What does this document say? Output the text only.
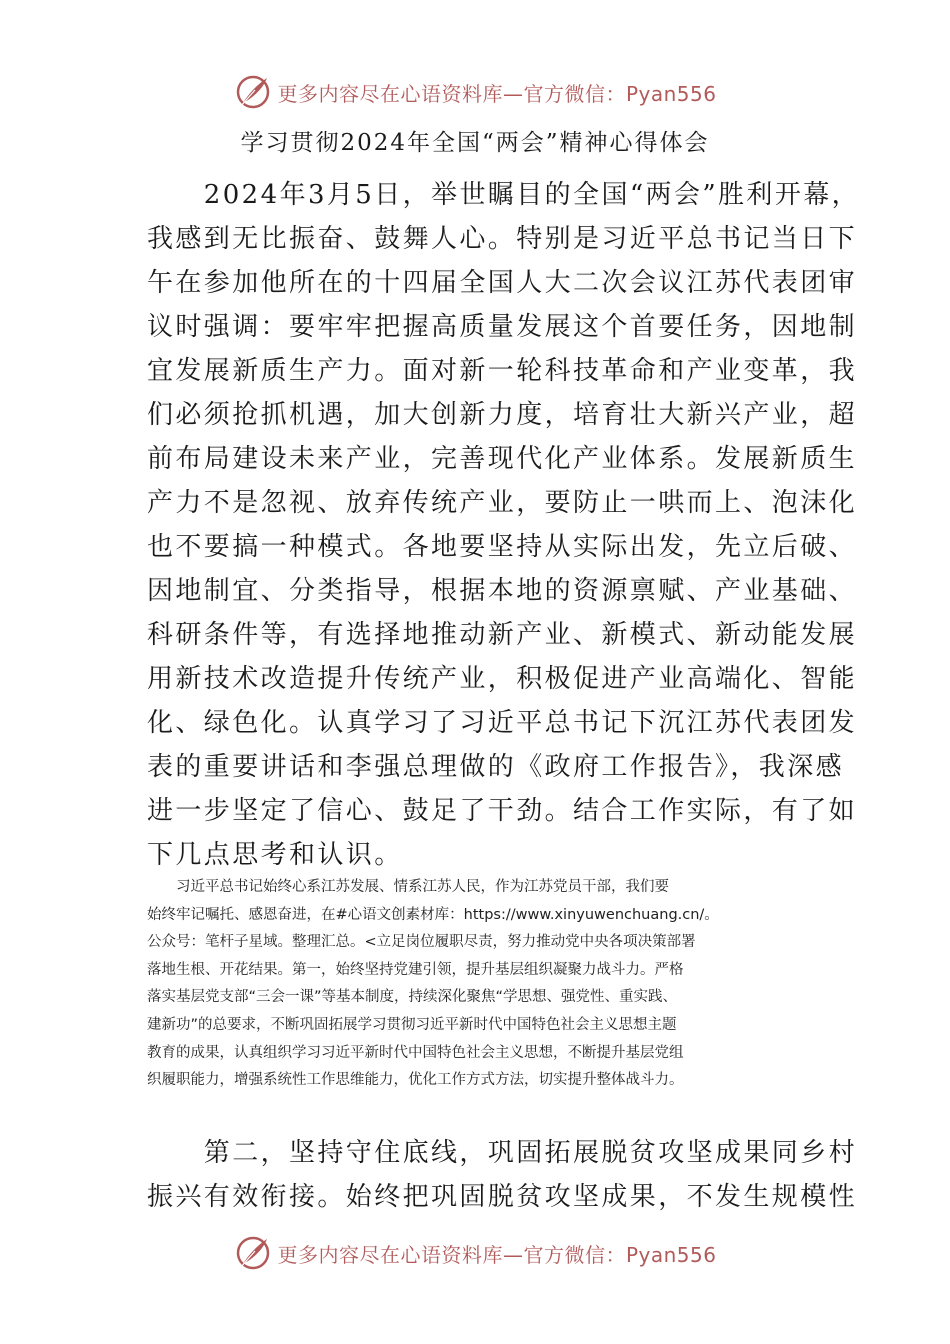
更多内容尽在心语资料库—官方微信：Pyan556
学习贯彻2024年全国“两会”精神心得体会
　　2024年3月5日，举世瞩目的全国“两会”胜利开幕，
我感到无比振奋、鼓舞人心。特别是习近平总书记当日下
午在参加他所在的十四届全国人大二次会议江苏代表团审
议时强调：要牢牢把握高质量发展这个首要任务，因地制
宜发展新质生产力。面对新一轮科技革命和产业变革，我
们必须抢抓机遇，加大创新力度，培育壮大新兴产业，超
前布局建设未来产业，完善现代化产业体系。发展新质生
产力不是忽视、放弃传统产业，要防止一哄而上、泡沫化
也不要搞一种模式。各地要坚持从实际出发，先立后破、
因地制宜、分类指导，根据本地的资源禀赋、产业基础、
科研条件等，有选择地推动新产业、新模式、新动能发展
用新技术改造提升传统产业，积极促进产业高端化、智能
化、绿色化。认真学习了习近平总书记下沉江苏代表团发
表的重要讲话和李强总理做的《政府工作报告》，我深感
进一步坚定了信心、鼓足了干劲。结合工作实际，有了如
下几点思考和认识。
　　习近平总书记始终心系江苏发展、情系江苏人民，作为江苏党员干部，我们要
始终牢记嘱托、感恩奋进，在#心语文创素材库：https://www.xinyuwenchuang.cn/。
公众号：笔杆子星域。整理汇总。<立足岗位履职尽责，努力推动党中央各项决策部署
落地生根、开花结果。第一，始终坚持党建引领，提升基层组织凝聚力战斗力。严格
落实基层党支部“三会一课”等基本制度，持续深化聚焦“学思想、强党性、重实践、
建新功”的总要求，不断巩固拓展学习贯彻习近平新时代中国特色社会主义思想主题
教育的成果，认真组织学习习近平新时代中国特色社会主义思想，不断提升基层党组
织履职能力，增强系统性工作思维能力，优化工作方式方法，切实提升整体战斗力。
　　第二，坚持守住底线，巩固拓展脱贫攻坚成果同乡村
振兴有效衔接。始终把巩固脱贫攻坚成果，不发生规模性
更多内容尽在心语资料库—官方微信：Pyan556
